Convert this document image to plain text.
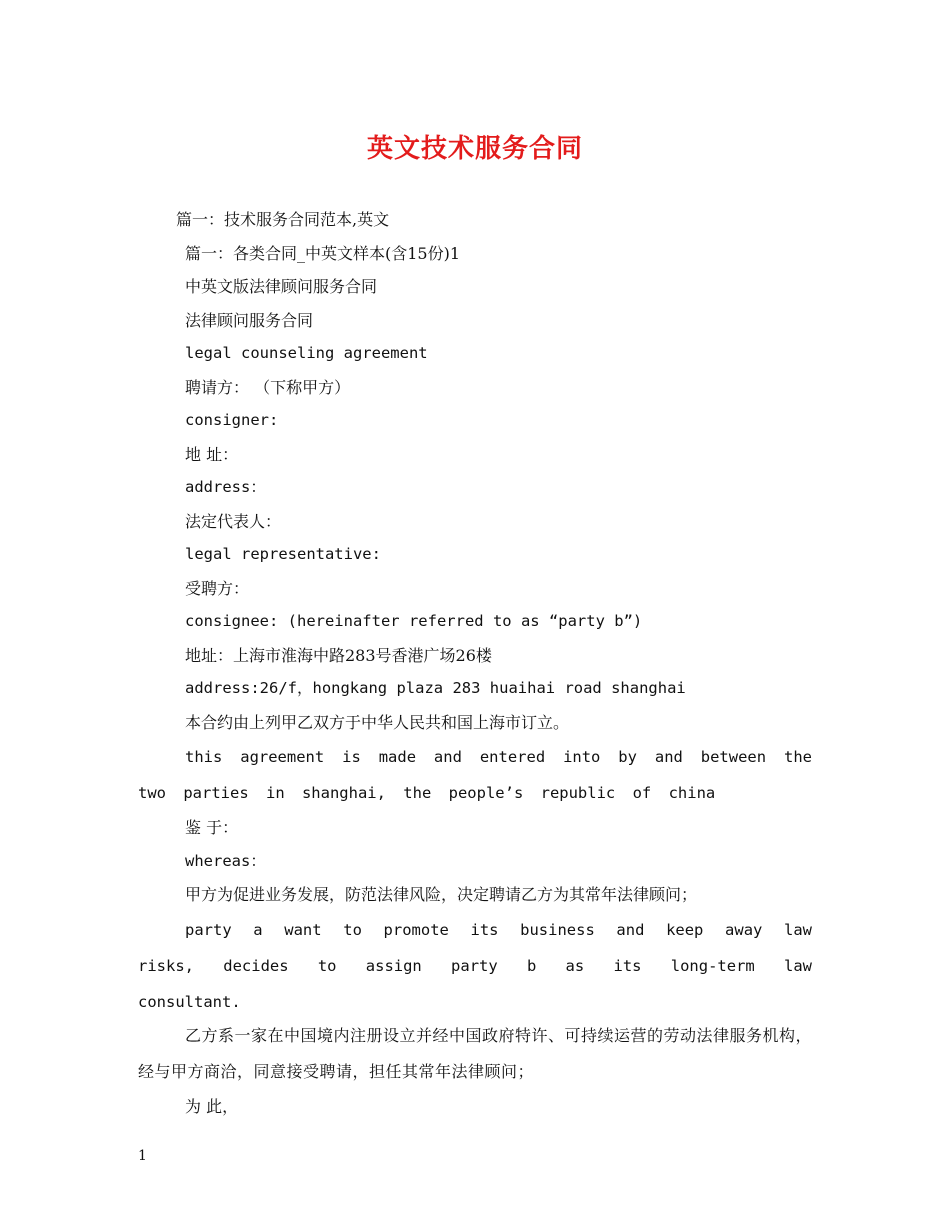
英文技术服务合同
篇一：技术服务合同范本,英文
篇一：各类合同_中英文样本(含15份)1
中英文版法律顾问服务合同
法律顾问服务合同
legal counseling agreement
聘请方： （下称甲方）
consigner:
地 址：
address：
法定代表人：
legal representative:
受聘方：
consignee: (hereinafter referred to as “party b”)
地址：上海市淮海中路283号香港广场26楼
address:26/f，hongkang plaza 283 huaihai road shanghai
本合约由上列甲乙双方于中华人民共和国上海市订立。
this agreement is made and entered into by and between the two parties in shanghai, the people’s republic of china
鉴 于：
whereas：
甲方为促进业务发展，防范法律风险，决定聘请乙方为其常年法律顾问；
party a want to promote its business and keep away law risks, decides to assign party b as its long-term law consultant.
乙方系一家在中国境内注册设立并经中国政府特许、可持续运营的劳动法律服务机构，经与甲方商洽，同意接受聘请，担任其常年法律顾问；
为 此，
1
